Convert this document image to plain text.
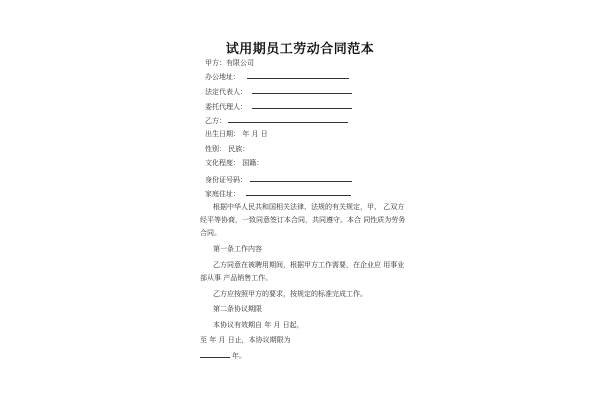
试用期员工劳动合同范本
甲方：有限公司
办公地址：
法定代表人：
委托代理人：
乙方：
出生日期： 年 月 日
性别： 民族：
文化程度： 国籍：
身份证号码：
家庭住址：
根据中华人民共和国相关法律、法规的有关规定，甲、 乙双方
经平等协商，一致同意签订本合同，共同遵守。本合 同性质为劳务
合同。
第一条工作内容
乙方同意在被聘用期间，根据甲方工作需要，在企业应 用事业
部从事 产品销售工作。
乙方应按照甲方的要求，按规定的标准完成工作。
第二条协议期限
本协议有效期自 年 月 日起，
至 年 月 日止，本协议期限为
年。
